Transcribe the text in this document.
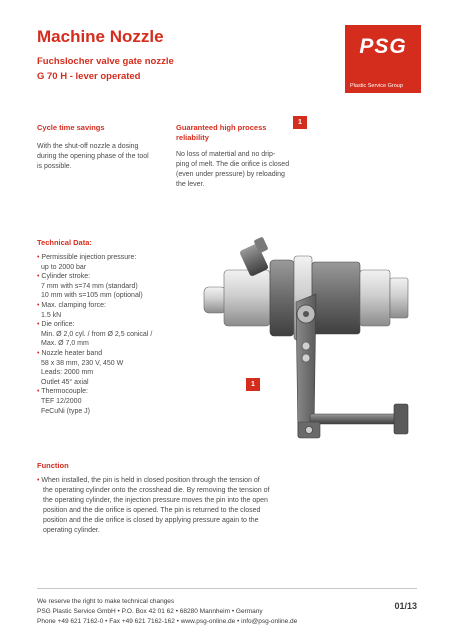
Machine Nozzle
Fuchslocher valve gate nozzle
G 70 H - lever operated
PSG
Plastic Service Group
Cycle time savings
With the shut-off nozzle a dosing
during the opening phase of the tool
is possible.
Guaranteed high process
reliability
1
No loss of matertial and no drip-
ping of melt. The die orifice is closed
(even under pressure) by reloading
the lever.
Technical Data:
• Permissible injection pressure:
up to 2000 bar
• Cylinder stroke:
7 mm with s=74 mm (standard)
10 mm with s=105 mm (optional)
• Max. clamping force:
1.5 kN
• Die orifice:
Min. Ø 2,0 cyl. / from Ø 2,5 conical /
Max. Ø 7,0 mm
• Nozzle heater band
58 x 38 mm, 230 V, 450 W
Leads: 2000 mm
Outlet 45° axial
• Thermocouple:
TEF 12/2000
FeCuNi (type J)
1
Function
• When installed, the pin is held in closed position through the tension of
the operating cylinder onto the crosshead die. By removing the tension of
the operating cylinder, the injection pressure moves the pin into the open
position and the die orifice is opened. The pin is returned to the closed
position and the die orifice is closed by applying pressure again to the
operating cylinder.
We reserve the right to make technical changes
PSG Plastic Service GmbH • P.O. Box 42 01 62 • 68280 Mannheim • Germany
Phone +49 621 7162-0 • Fax +49 621 7162-162 • www.psg-online.de • info@psg-online.de
01/13
